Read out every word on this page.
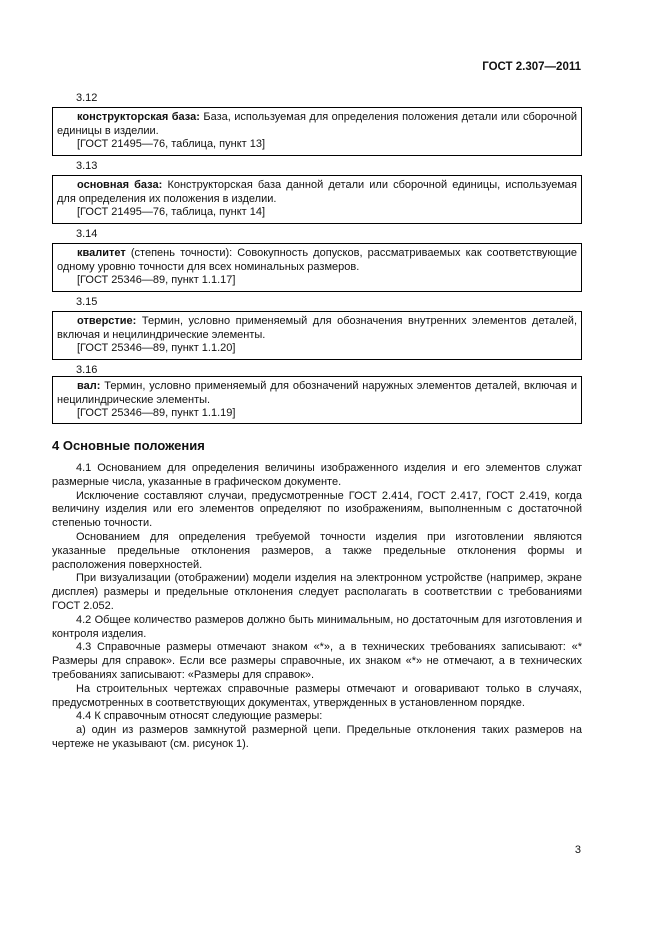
ГОСТ 2.307—2011
3.12
конструкторская база: База, используемая для определения положения детали или сборочной единицы в изделии.
[ГОСТ 21495—76, таблица, пункт 13]
3.13
основная база: Конструкторская база данной детали или сборочной единицы, используемая для определения их положения в изделии.
[ГОСТ 21495—76, таблица, пункт 14]
3.14
квалитет (степень точности): Совокупность допусков, рассматриваемых как соответствующие одному уровню точности для всех номинальных размеров.
[ГОСТ 25346—89, пункт 1.1.17]
3.15
отверстие: Термин, условно применяемый для обозначения внутренних элементов деталей, включая и нецилиндрические элементы.
[ГОСТ 25346—89, пункт 1.1.20]
3.16
вал: Термин, условно применяемый для обозначений наружных элементов деталей, включая и нецилиндрические элементы.
[ГОСТ 25346—89, пункт 1.1.19]
4 Основные положения

4.1 Основанием для определения величины изображенного изделия и его элементов служат размерные числа, указанные в графическом документе.

Исключение составляют случаи, предусмотренные ГОСТ 2.414, ГОСТ 2.417, ГОСТ 2.419, когда величину изделия или его элементов определяют по изображениям, выполненным с достаточной степенью точности.

Основанием для определения требуемой точности изделия при изготовлении являются указанные предельные отклонения размеров, а также предельные отклонения формы и расположения поверхностей.

При визуализации (отображении) модели изделия на электронном устройстве (например, экране дисплея) размеры и предельные отклонения следует располагать в соответствии с требованиями ГОСТ 2.052.

4.2 Общее количество размеров должно быть минимальным, но достаточным для изготовления и контроля изделия.

4.3 Справочные размеры отмечают знаком «*», а в технических требованиях записывают: «* Размеры для справок». Если все размеры справочные, их знаком «*» не отмечают, а в технических требованиях записывают: «Размеры для справок».

На строительных чертежах справочные размеры отмечают и оговаривают только в случаях, предусмотренных в соответствующих документах, утвержденных в установленном порядке.

4.4 К справочным относят следующие размеры:

а) один из размеров замкнутой размерной цепи. Предельные отклонения таких размеров на чертеже не указывают (см. рисунок 1).

3
